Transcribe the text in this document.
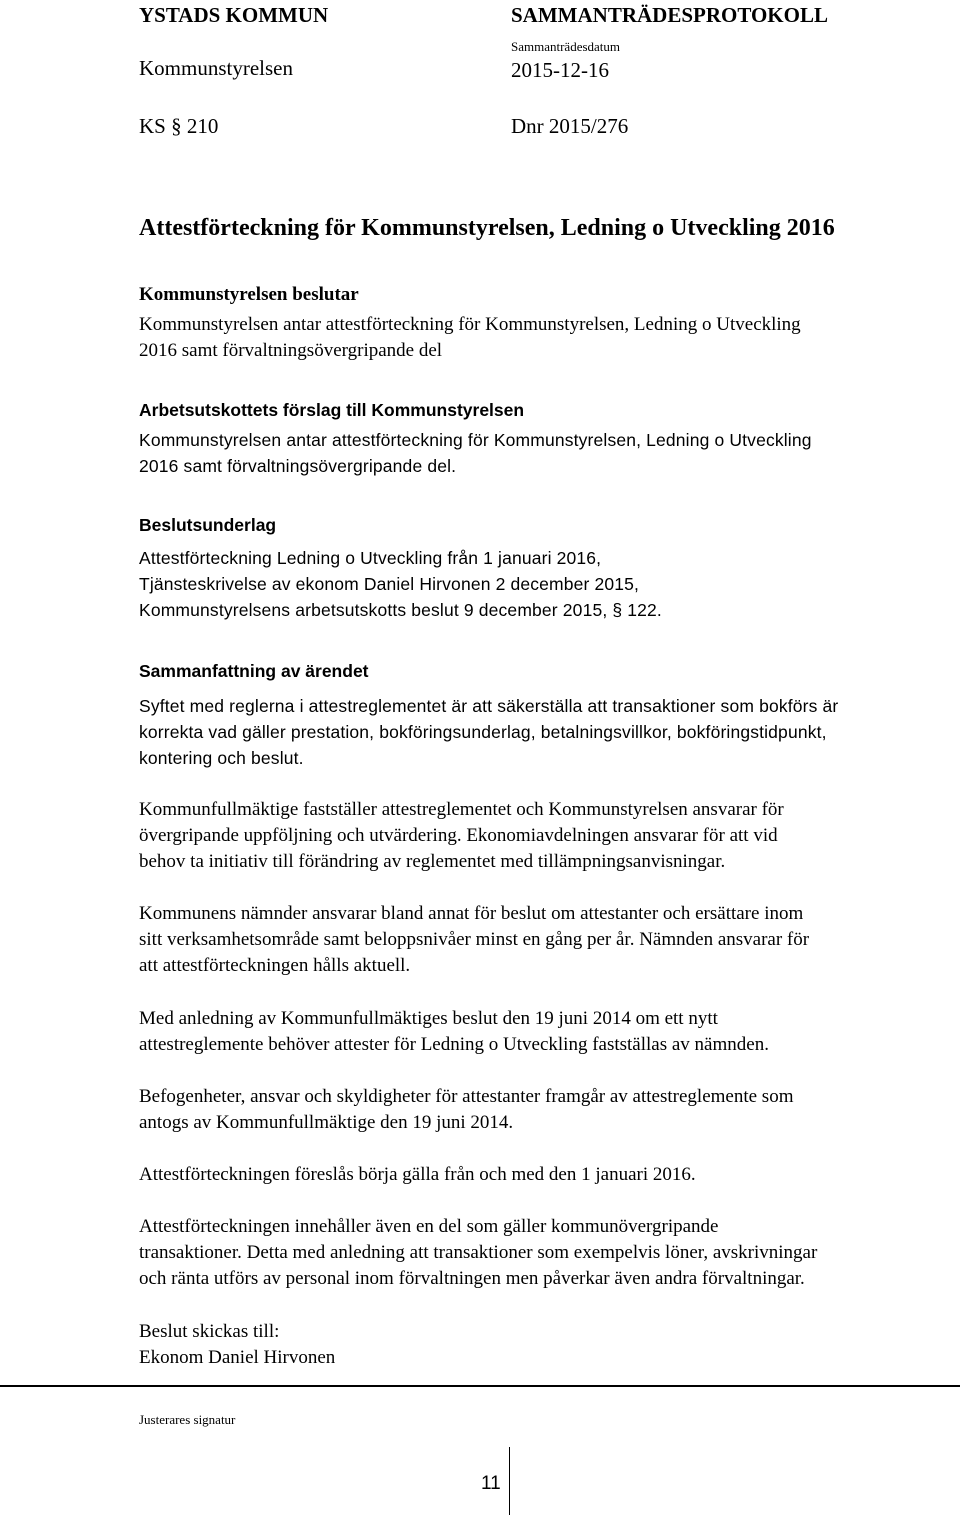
YSTADS KOMMUN	SAMMANTRÄDESPROTOKOLL
Kommunstyrelsen
Sammanträdesdatum
2015-12-16
KS § 210	Dnr 2015/276
Attestförteckning för Kommunstyrelsen, Ledning o Utveckling 2016
Kommunstyrelsen beslutar
Kommunstyrelsen antar attestförteckning för Kommunstyrelsen, Ledning o Utveckling
2016 samt förvaltningsövergripande del
Arbetsutskottets förslag till Kommunstyrelsen
Kommunstyrelsen antar attestförteckning för Kommunstyrelsen, Ledning o Utveckling
2016 samt förvaltningsövergripande del.
Beslutsunderlag
Attestförteckning Ledning o Utveckling från 1 januari 2016,
Tjänsteskrivelse av ekonom Daniel Hirvonen 2 december 2015,
Kommunstyrelsens arbetsutskotts beslut 9 december 2015, § 122.
Sammanfattning av ärendet
Syftet med reglerna i attestreglementet är att säkerställa att transaktioner som bokförs är
korrekta vad gäller prestation, bokföringsunderlag, betalningsvillkor, bokföringstidpunkt,
kontering och beslut.
Kommunfullmäktige fastställer attestreglementet och Kommunstyrelsen ansvarar för
övergripande uppföljning och utvärdering. Ekonomiavdelningen ansvarar för att vid
behov ta initiativ till förändring av reglementet med tillämpningsanvisningar.
Kommunens nämnder ansvarar bland annat för beslut om attestanter och ersättare inom
sitt verksamhetsområde samt beloppsnivåer minst en gång per år. Nämnden ansvarar för
att attestförteckningen hålls aktuell.
Med anledning av Kommunfullmäktiges beslut den 19 juni 2014 om ett nytt
attestreglemente behöver attester för Ledning o Utveckling fastställas av nämnden.
Befogenheter, ansvar och skyldigheter för attestanter framgår av attestreglemente som
antogs av Kommunfullmäktige den 19 juni 2014.
Attestförteckningen föreslås börja gälla från och med den 1 januari 2016.
Attestförteckningen innehåller även en del som gäller kommunövergripande
transaktioner. Detta med anledning att transaktioner som exempelvis löner, avskrivningar
och ränta utförs av personal inom förvaltningen men påverkar även andra förvaltningar.
Beslut skickas till:
Ekonom Daniel Hirvonen
Justerares signatur
11
